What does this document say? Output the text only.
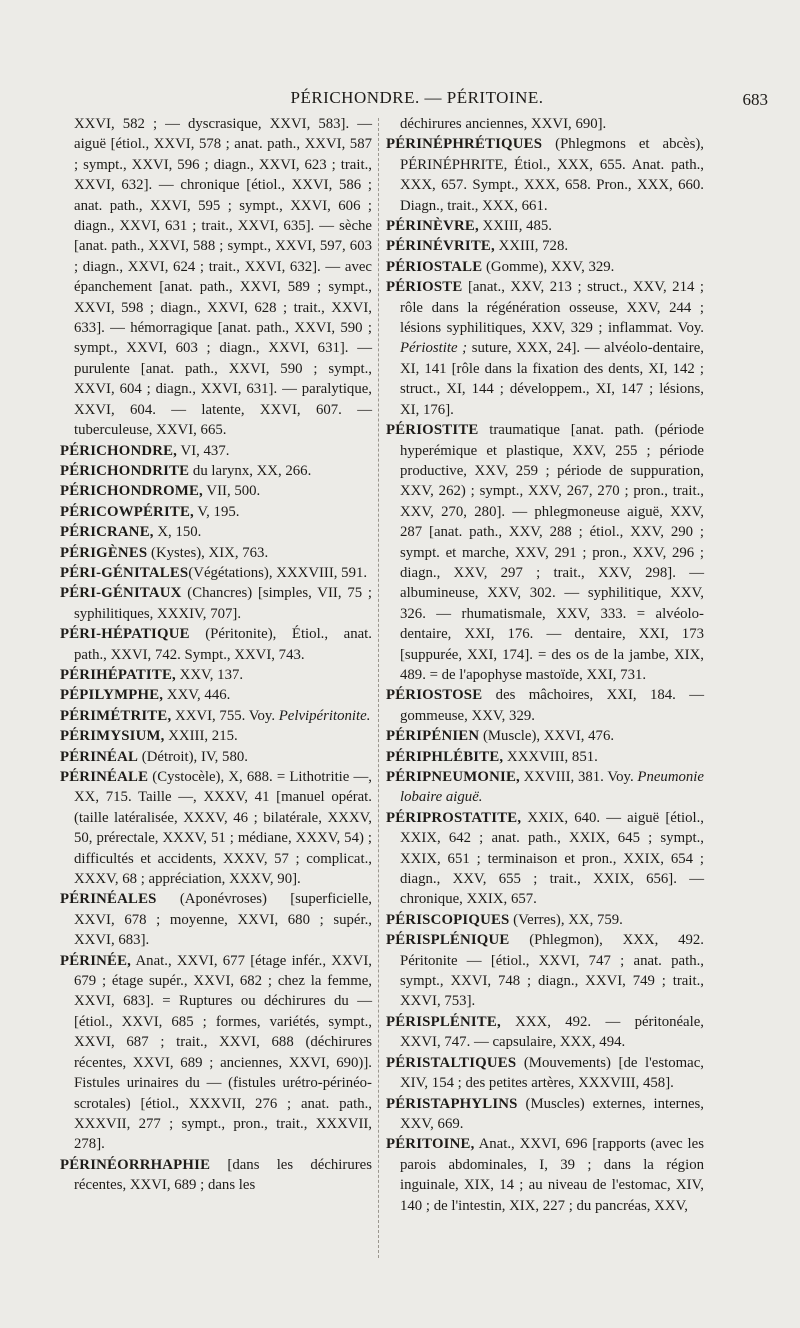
PÉRICHONDRE. — PÉRITOINE.	683

XXVI, 582 ; — dyscrasique, XXVI, 583]. — aiguë [étiol., XXVI, 578 ; anat. path., XXVI, 587 ; sympt., XXVI, 596 ; diagn., XXVI, 623 ; trait., XXVI, 632]. — chronique [étiol., XXVI, 586 ; anat. path., XXVI, 595 ; sympt., XXVI, 606 ; diagn., XXVI, 631 ; trait., XXVI, 635]. — sèche [anat. path., XXVI, 588 ; sympt., XXVI, 597, 603 ; diagn., XXVI, 624 ; trait., XXVI, 632]. — avec épanchement [anat. path., XXVI, 589 ; sympt., XXVI, 598 ; diagn., XXVI, 628 ; trait., XXVI, 633]. — hémorragique [anat. path., XXVI, 590 ; sympt., XXVI, 603 ; diagn., XXVI, 631]. — purulente [anat. path., XXVI, 590 ; sympt., XXVI, 604 ; diagn., XXVI, 631]. — paralytique, XXVI, 604. — latente, XXVI, 607. — tuberculeuse, XXVI, 665.

PÉRICHONDRE, VI, 437.

PÉRICHONDRITE du larynx, XX, 266.

PÉRICHONDROME, VII, 500.

PÉRICOWPÉRITE, V, 195.

PÉRICRANE, X, 150.

PÉRIGÈNES (Kystes), XIX, 763.

PÉRI-GÉNITALES(Végétations), XXXVIII, 591.

PÉRI-GÉNITAUX (Chancres) [simples, VII, 75 ; syphilitiques, XXXIV, 707].

PÉRI-HÉPATIQUE (Péritonite), Étiol., anat. path., XXVI, 742. Sympt., XXVI, 743.

PÉRIHÉPATITE, XXV, 137.

PÉPILYMPHE, XXV, 446.

PÉRIMÉTRITE, XXVI, 755. Voy. Pelvipéritonite.

PÉRIMYSIUM, XXIII, 215.

PÉRINÉAL (Détroit), IV, 580.

PÉRINÉALE (Cystocèle), X, 688. = Lithotritie —, XX, 715. Taille —, XXXV, 41 [manuel opérat. (taille latéralisée, XXXV, 46 ; bilatérale, XXXV, 50, prérectale, XXXV, 51 ; médiane, XXXV, 54) ; difficultés et accidents, XXXV, 57 ; complicat., XXXV, 68 ; appréciation, XXXV, 90].

PÉRINÉALES (Aponévroses) [superficielle, XXVI, 678 ; moyenne, XXVI, 680 ; supér., XXVI, 683].

PÉRINÉE, Anat., XXVI, 677 [étage infér., XXVI, 679 ; étage supér., XXVI, 682 ; chez la femme, XXVI, 683]. = Ruptures ou déchirures du — [étiol., XXVI, 685 ; formes, variétés, sympt., XXVI, 687 ; trait., XXVI, 688 (déchirures récentes, XXVI, 689 ; anciennes, XXVI, 690)]. Fistules urinaires du — (fistules urétro-périnéo-scrotales) [étiol., XXXVII, 276 ; anat. path., XXXVII, 277 ; sympt., pron., trait., XXXVII, 278].

PÉRINÉORRHAPHIE [dans les déchirures récentes, XXVI, 689 ; dans les

déchirures anciennes, XXVI, 690].

PÉRINÉPHRÉTIQUES (Phlegmons et abcès), PÉRINÉPHRITE, Étiol., XXX, 655. Anat. path., XXX, 657. Sympt., XXX, 658. Pron., XXX, 660. Diagn., trait., XXX, 661.

PÉRINÈVRE, XXIII, 485.

PÉRINÉVRITE, XXIII, 728.

PÉRIOSTALE (Gomme), XXV, 329.

PÉRIOSTE [anat., XXV, 213 ; struct., XXV, 214 ; rôle dans la régénération osseuse, XXV, 244 ; lésions syphilitiques, XXV, 329 ; inflammat. Voy. Périostite ; suture, XXX, 24]. — alvéolo-dentaire, XI, 141 [rôle dans la fixation des dents, XI, 142 ; struct., XI, 144 ; développem., XI, 147 ; lésions, XI, 176].

PÉRIOSTITE traumatique [anat. path. (période hyperémique et plastique, XXV, 255 ; période productive, XXV, 259 ; période de suppuration, XXV, 262) ; sympt., XXV, 267, 270 ; pron., trait., XXV, 270, 280]. — phlegmoneuse aiguë, XXV, 287 [anat. path., XXV, 288 ; étiol., XXV, 290 ; sympt. et marche, XXV, 291 ; pron., XXV, 296 ; diagn., XXV, 297 ; trait., XXV, 298]. — albumineuse, XXV, 302. — syphilitique, XXV, 326. — rhumatismale, XXV, 333. = alvéolo-dentaire, XXI, 176. — dentaire, XXI, 173 [suppurée, XXI, 174]. = des os de la jambe, XIX, 489. = de l'apophyse mastoïde, XXI, 731.

PÉRIOSTOSE des mâchoires, XXI, 184. — gommeuse, XXV, 329.

PÉRIPÉNIEN (Muscle), XXVI, 476.

PÉRIPHLÉBITE, XXXVIII, 851.

PÉRIPNEUMONIE, XXVIII, 381. Voy. Pneumonie lobaire aiguë.

PÉRIPROSTATITE, XXIX, 640. — aiguë [étiol., XXIX, 642 ; anat. path., XXIX, 645 ; sympt., XXIX, 651 ; terminaison et pron., XXIX, 654 ; diagn., XXV, 655 ; trait., XXIX, 656]. — chronique, XXIX, 657.

PÉRISCOPIQUES (Verres), XX, 759.

PÉRISPLÉNIQUE (Phlegmon), XXX, 492. Péritonite — [étiol., XXVI, 747 ; anat. path., sympt., XXVI, 748 ; diagn., XXVI, 749 ; trait., XXVI, 753].

PÉRISPLÉNITE, XXX, 492. — péritonéale, XXVI, 747. — capsulaire, XXX, 494.

PÉRISTALTIQUES (Mouvements) [de l'estomac, XIV, 154 ; des petites artères, XXXVIII, 458].

PÉRISTAPHYLINS (Muscles) externes, internes, XXV, 669.

PÉRITOINE, Anat., XXVI, 696 [rapports (avec les parois abdominales, I, 39 ; dans la région inguinale, XIX, 14 ; au niveau de l'estomac, XIV, 140 ; de l'intestin, XIX, 227 ; du pancréas, XXV,
